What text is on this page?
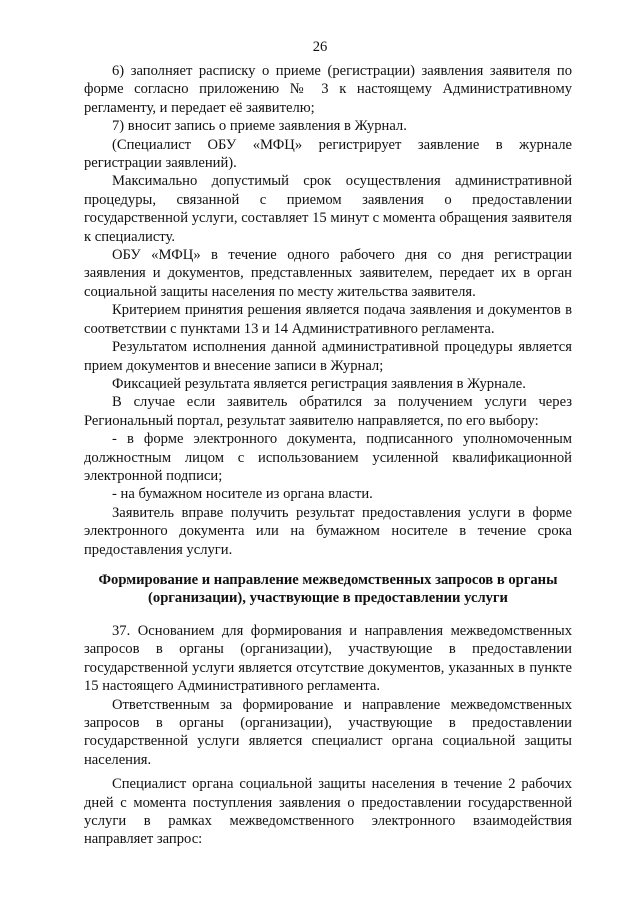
26

6) заполняет расписку о приеме (регистрации) заявления заявителя по форме согласно приложению № 3 к настоящему Административному регламенту, и передает её заявителю;

7) вносит запись о приеме заявления в Журнал.

(Специалист ОБУ «МФЦ» регистрирует заявление в журнале регистрации заявлений).

Максимально допустимый срок осуществления административной процедуры, связанной с приемом заявления о предоставлении государственной услуги, составляет 15 минут с момента обращения заявителя к специалисту.

ОБУ «МФЦ» в течение одного рабочего дня со дня регистрации заявления и документов, представленных заявителем, передает их в орган социальной защиты населения по месту жительства заявителя.

Критерием принятия решения является подача заявления и документов в соответствии с пунктами 13 и 14 Административного регламента.

Результатом исполнения данной административной процедуры является прием документов и внесение записи в Журнал;

Фиксацией результата является регистрация заявления в Журнале.

В случае если заявитель обратился за получением услуги через Региональный портал, результат заявителю направляется, по его выбору:

- в форме электронного документа, подписанного уполномоченным должностным лицом с использованием усиленной квалификационной электронной подписи;

- на бумажном носителе из органа власти.

Заявитель вправе получить результат предоставления услуги в форме электронного документа или на бумажном носителе в течение срока предоставления услуги.

Формирование и направление межведомственных запросов в органы

(организации), участвующие в предоставлении услуги

37. Основанием для формирования и направления межведомственных запросов в органы (организации), участвующие в предоставлении государственной услуги является отсутствие документов, указанных в пункте 15 настоящего Административного регламента.

Ответственным за формирование и направление межведомственных запросов в органы (организации), участвующие в предоставлении государственной услуги является специалист органа социальной защиты населения.

Специалист органа социальной защиты населения в течение 2 рабочих дней с момента поступления заявления о предоставлении государственной услуги в рамках межведомственного электронного взаимодействия направляет запрос:
